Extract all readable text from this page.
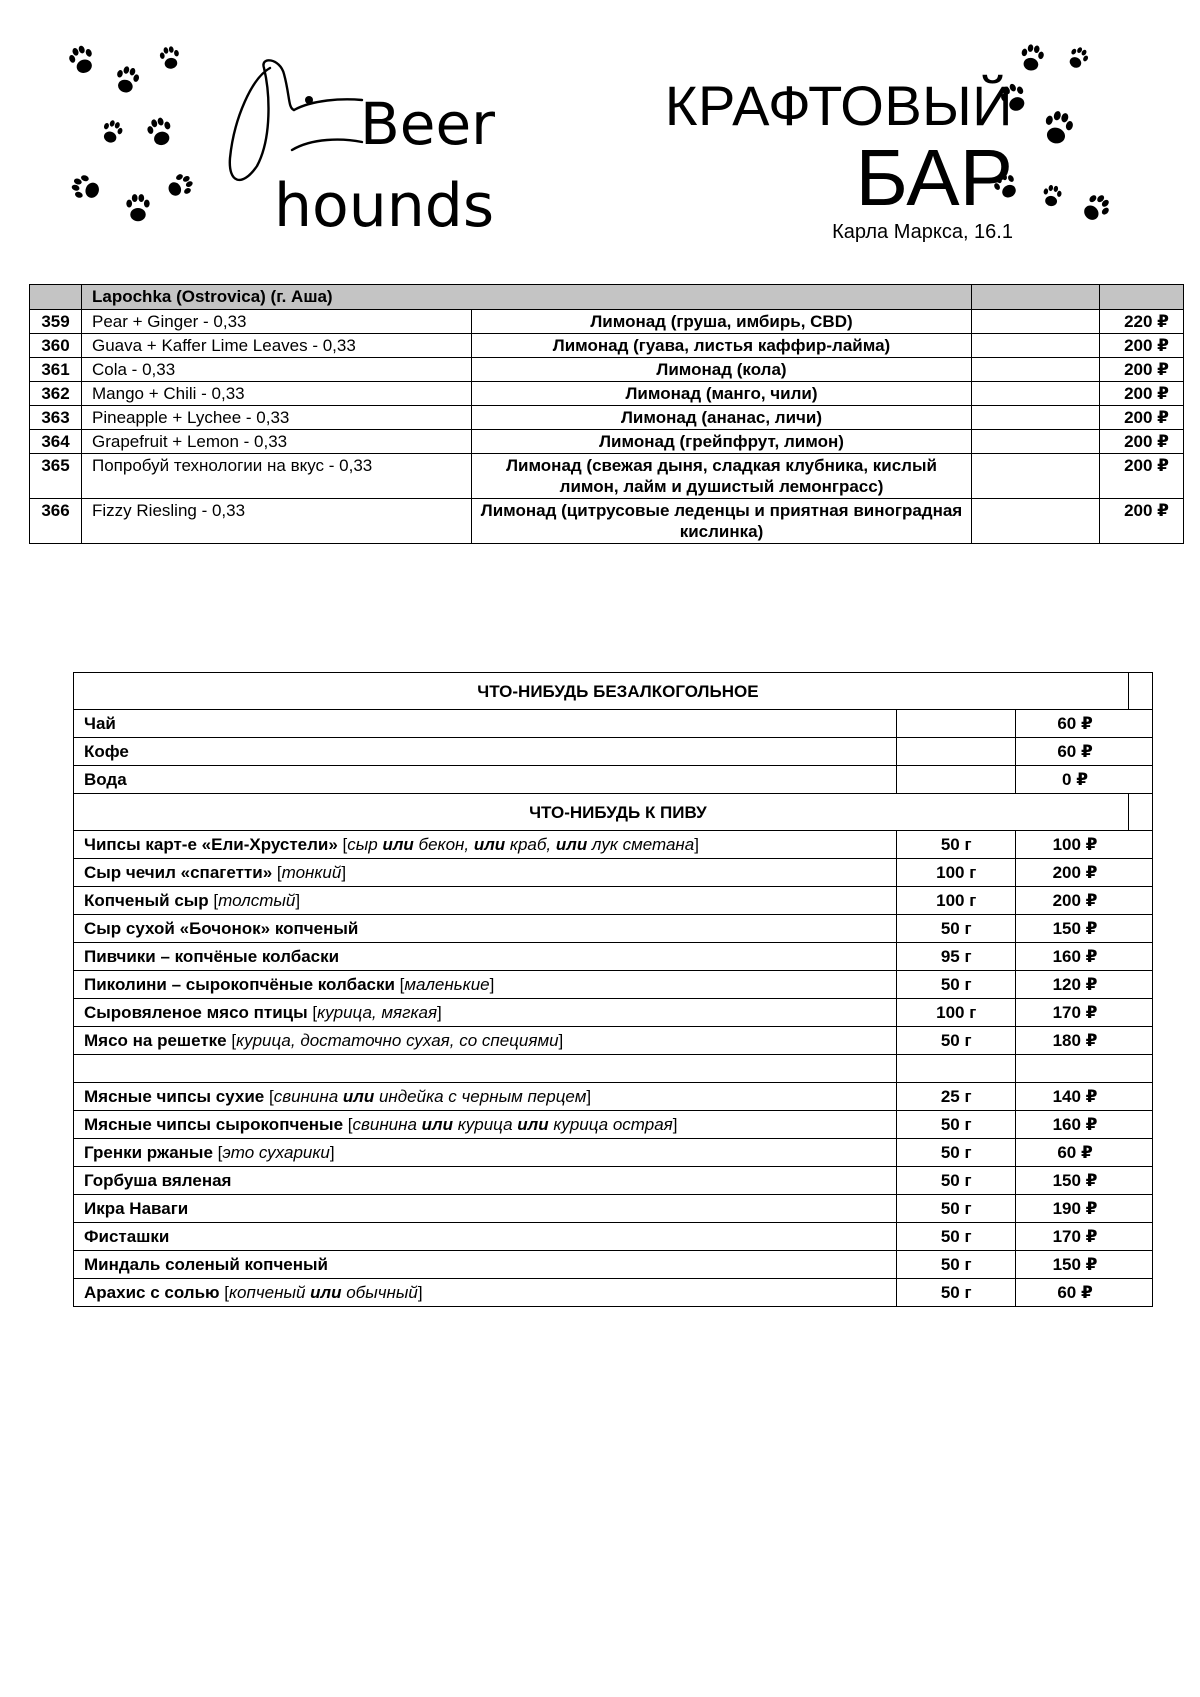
Beer
hounds
КРАФТОВЫЙ
БАР
Карла Маркса, 16.1
	Lapochka (Ostrovica) (г. Аша)			
359	Pear + Ginger - 0,33	Лимонад (груша, имбирь, CBD)		220 ₽
360	Guava + Kaffer Lime Leaves - 0,33	Лимонад (гуава, листья каффир-лайма)		200 ₽
361	Cola - 0,33	Лимонад (кола)		200 ₽
362	Mango + Chili - 0,33	Лимонад (манго, чили)		200 ₽
363	Pineapple + Lychee - 0,33	Лимонад (ананас, личи)		200 ₽
364	Grapefruit + Lemon - 0,33	Лимонад (грейпфрут, лимон)		200 ₽
365	Попробуй технологии на вкус - 0,33	Лимонад (свежая дыня, сладкая клубника, кислый лимон, лайм и душистый лемонграсс)		200 ₽
366	Fizzy Riesling - 0,33	Лимонад (цитрусовые леденцы и приятная виноградная кислинка)		200 ₽
ЧТО-НИБУДЬ БЕЗАЛКОГОЛЬНОЕ			
Чай		60 ₽	
Кофе		60 ₽	
Вода		0 ₽	
ЧТО-НИБУДЬ К ПИВУ			
Чипсы карт-е «Ели-Хрустели» [сыр или бекон, или краб, или лук сметана]	50 г	100 ₽	
Сыр чечил «спагетти» [тонкий]	100 г	200 ₽	
Копченый сыр [толстый]	100 г	200 ₽	
Сыр сухой «Бочонок» копченый	50 г	150 ₽	
Пивчики – копчёные колбаски	95 г	160 ₽	
Пиколини – сырокопчёные колбаски [маленькие]	50 г	120 ₽	
Сыровяленое мясо птицы [курица, мягкая]	100 г	170 ₽	
Мясо на решетке [курица, достаточно сухая, со специями]	50 г	180 ₽	

Мясные чипсы сухие [свинина или индейка с черным перцем]	25 г	140 ₽	
Мясные чипсы сырокопченые [свинина или курица или курица острая]	50 г	160 ₽	
Гренки ржаные [это сухарики]	50 г	60 ₽	
Горбуша вяленая	50 г	150 ₽	
Икра Наваги	50 г	190 ₽	
Фисташки	50 г	170 ₽	
Миндаль соленый копченый	50 г	150 ₽	
Арахис с солью [копченый или обычный]	50 г	60 ₽	
